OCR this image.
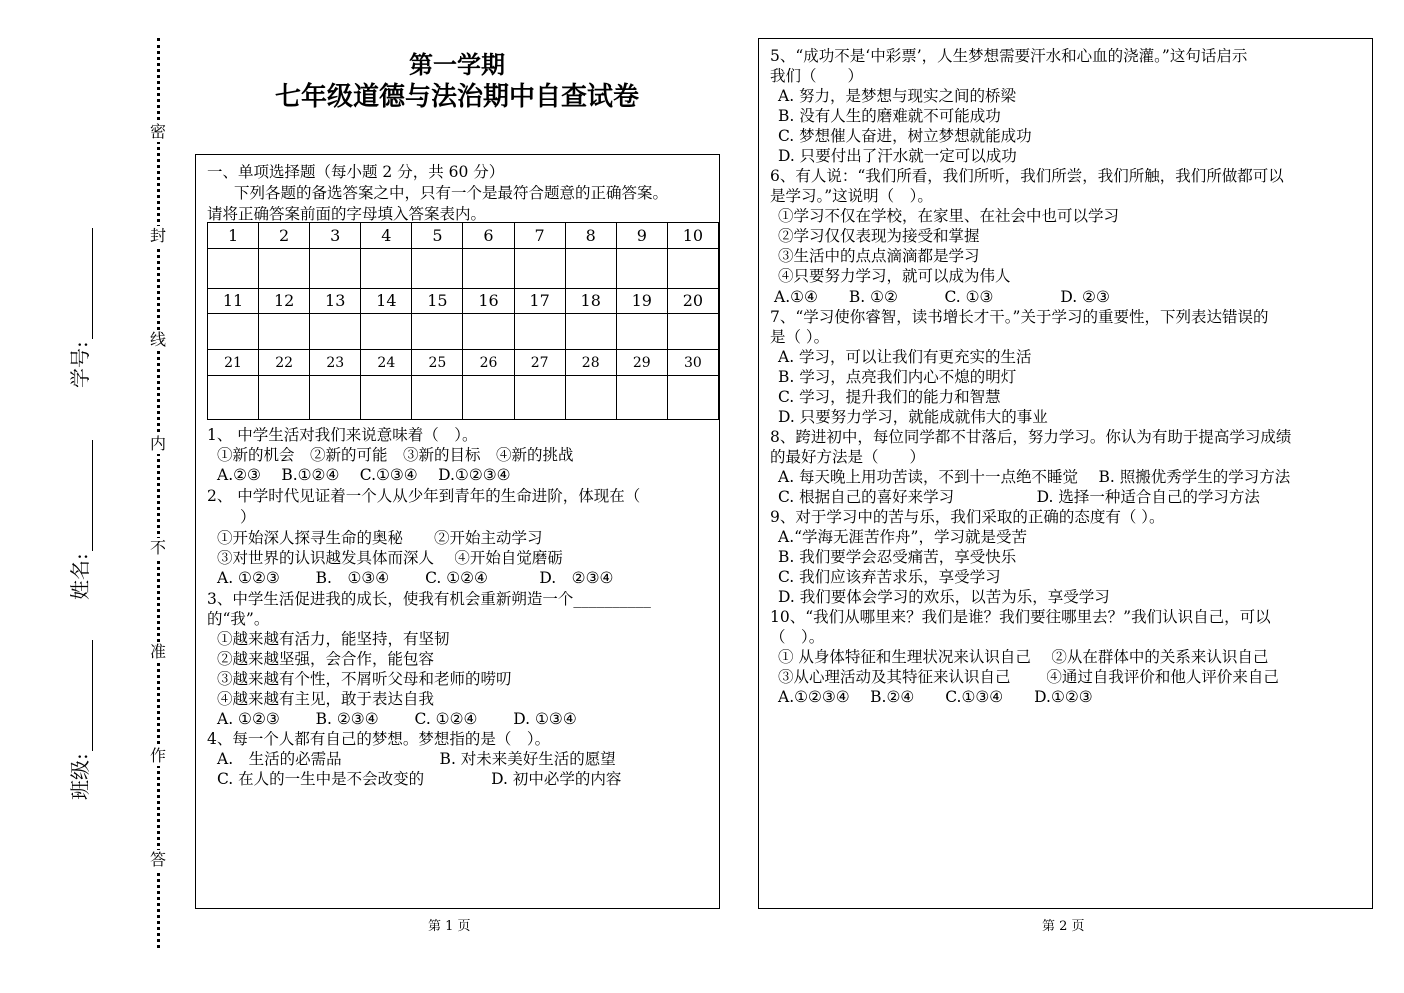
密
封
线
内
不
准
作
答
学号:
姓名:
班级:
第一学期
七年级道德与法治期中自查试卷
一、单项选择题（每小题 2 分，共 60 分）
下列各题的备选答案之中，只有一个是最符合题意的正确答案。
请将正确答案前面的字母填入答案表内。
1	2	3	4	5	6	7	8	9	10

11	12	13	14	15	16	17	18	19	20

21	22	23	24	25	26	27	28	29	30

1、 中学生活对我们来说意味着（　）。
①新的机会　②新的可能　③新的目标　④新的挑战
A.②③　 B.①②④　 C.①③④　 D.①②③④
2、 中学时代见证着一个人从少年到青年的生命进阶，体现在（
）
①开始深人探寻生命的奥秘　　②开始主动学习
③对世界的认识越发具体而深人　 ④开始自觉磨砺
A. ①②③　　 B.　①③④　　 C. ①②④　　　 D.　②③④
3、中学生活促进我的成长，使我有机会重新朔造一个__________
的“我”。
①越来越有活力，能坚持，有坚韧
②越来越坚强，会合作，能包容
③越来越有个性，不屑听父母和老师的唠叨
④越来越有主见，敢于表达自我
A. ①②③　　 B. ②③④　　 C. ①②④　　 D. ①③④
4、每一个人都有自己的梦想。梦想指的是（　）。
A.　生活的必需品　　　　　　 B. 对未来美好生活的愿望
C. 在人的一生中是不会改变的　　　　 D. 初中必学的内容
5、“成功不是‘中彩票’，人生梦想需要汗水和心血的浇灌。”这句话启示
我们（　　）
A. 努力，是梦想与现实之间的桥梁
B. 没有人生的磨难就不可能成功
C. 梦想催人奋进，树立梦想就能成功
D. 只要付出了汗水就一定可以成功
6、有人说：“我们所看，我们所听，我们所尝，我们所触，我们所做都可以
是学习。”这说明（　）。
①学习不仅在学校，在家里、在社会中也可以学习
②学习仅仅表现为接受和掌握
③生活中的点点滴滴都是学习
④只要努力学习，就可以成为伟人
A.①④　　B. ①②　　　C. ①③　　　　 D. ②③
7、“学习使你睿智，读书增长才干。”关于学习的重要性，下列表达错误的
是（ ）。
A. 学习，可以让我们有更充实的生活
B. 学习，点亮我们内心不熄的明灯
C. 学习，提升我们的能力和智慧
D. 只要努力学习，就能成就伟大的事业
8、跨进初中，每位同学都不甘落后，努力学习。你认为有助于提高学习成绩
的最好方法是（　　）
A. 每天晚上用功苦读，不到十一点绝不睡觉　 B. 照搬优秀学生的学习方法
C. 根据自己的喜好来学习　　　　　 D. 选择一种适合自己的学习方法
9、对于学习中的苦与乐，我们采取的正确的态度有（ ）。
A.“学海无涯苦作舟”，学习就是受苦
B. 我们要学会忍受痛苦，享受快乐
C. 我们应该弃苦求乐，享受学习
D. 我们要体会学习的欢乐，以苦为乐，享受学习
10、“我们从哪里来？我们是谁？我们要往哪里去？”我们认识自己，可以
（　）。
① 从身体特征和生理状况来认识自己　 ②从在群体中的关系来认识自己
③从心理活动及其特征来认识自己　　 ④通过自我评价和他人评价来自己
A.①②③④　 B.②④　　C.①③④　　D.①②③
第 1 页	第 2 页
